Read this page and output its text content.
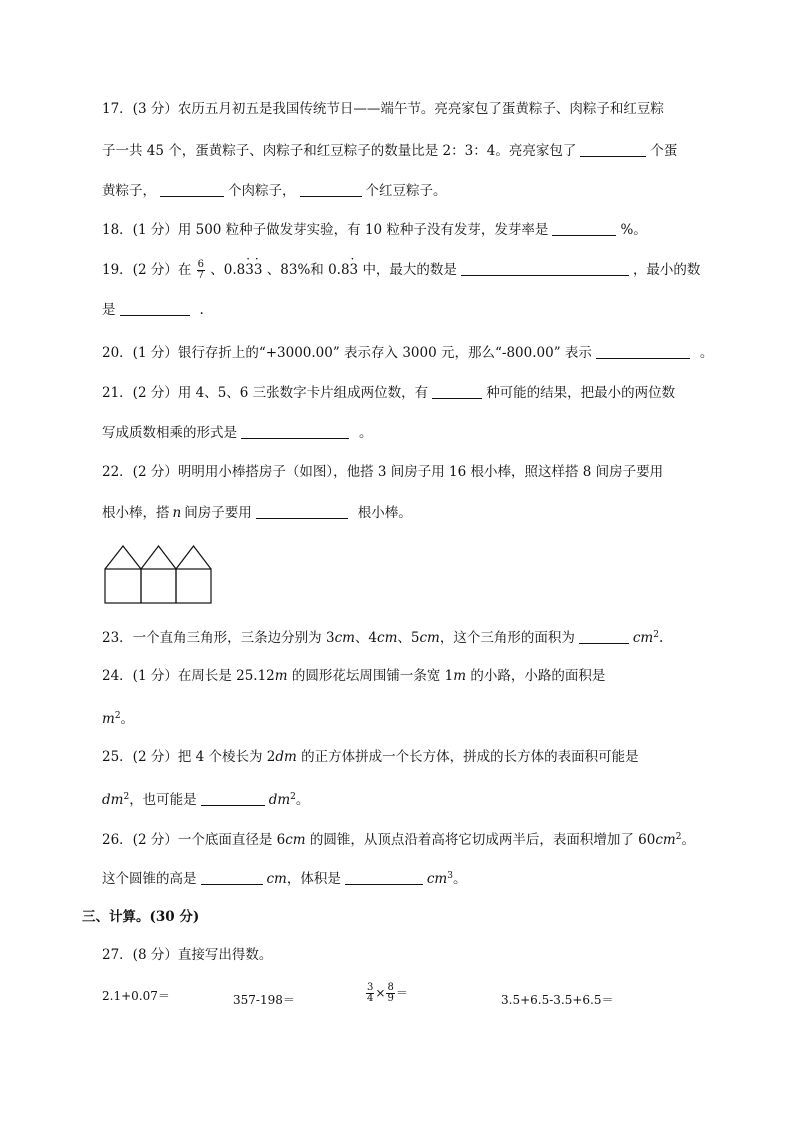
17．(3 分）农历五月初五是我国传统节日——端午节。亮亮家包了蛋黄粽子、肉粽子和红豆粽
子一共 45 个，蛋黄粽子、肉粽子和红豆粽子的数量比是 2：3：4。亮亮家包了	个蛋
黄粽子，	个肉粽子，	个红豆粽子。
18．(1 分）用 500 粒种子做发芽实验，有 10 粒种子没有发芽，发芽率是	%。
19．(2 分）在 $\frac{6}{7}$ 、0.8· 3· 3 、83%和 0.8· 3 中，最大的数是	，最小的数
是	.
20．(1 分）银行存折上的“+3000.00” 表示存入 3000 元，那么“-800.00” 表示	。
21．(2 分）用 4、5、6 三张数字卡片组成两位数，有	种可能的结果，把最小的两位数
写成质数相乘的形式是	。
22．(2 分）明明用小棒搭房子（如图），他搭 3 间房子用 16 根小棒，照这样搭 8 间房子要用
根小棒，搭 n 间房子要用	根小棒。
23．一个直角三角形，三条边分别为 3cm、4cm、5cm，这个三角形的面积为	$cm^2$.
24．(1 分）在周长是 25.12m 的圆形花坛周围铺一条宽 1m 的小路，小路的面积是
$m^2$。
25．(2 分）把 4 个棱长为 2dm 的正方体拼成一个长方体，拼成的长方体的表面积可能是
$dm^2$，也可能是	$dm^2$。
26．(2 分）一个底面直径是 6cm 的圆锥，从顶点沿着高将它切成两半后，表面积增加了 $60cm^2$。
这个圆锥的高是	cm，体积是	$cm^3$。
三、计算。(30 分)
27．(8 分）直接写出得数。
2.1+0.07＝	357-198＝	$\frac{3}{4} \times \frac{8}{9}$ ＝	3.5+6.5-3.5+6.5＝
